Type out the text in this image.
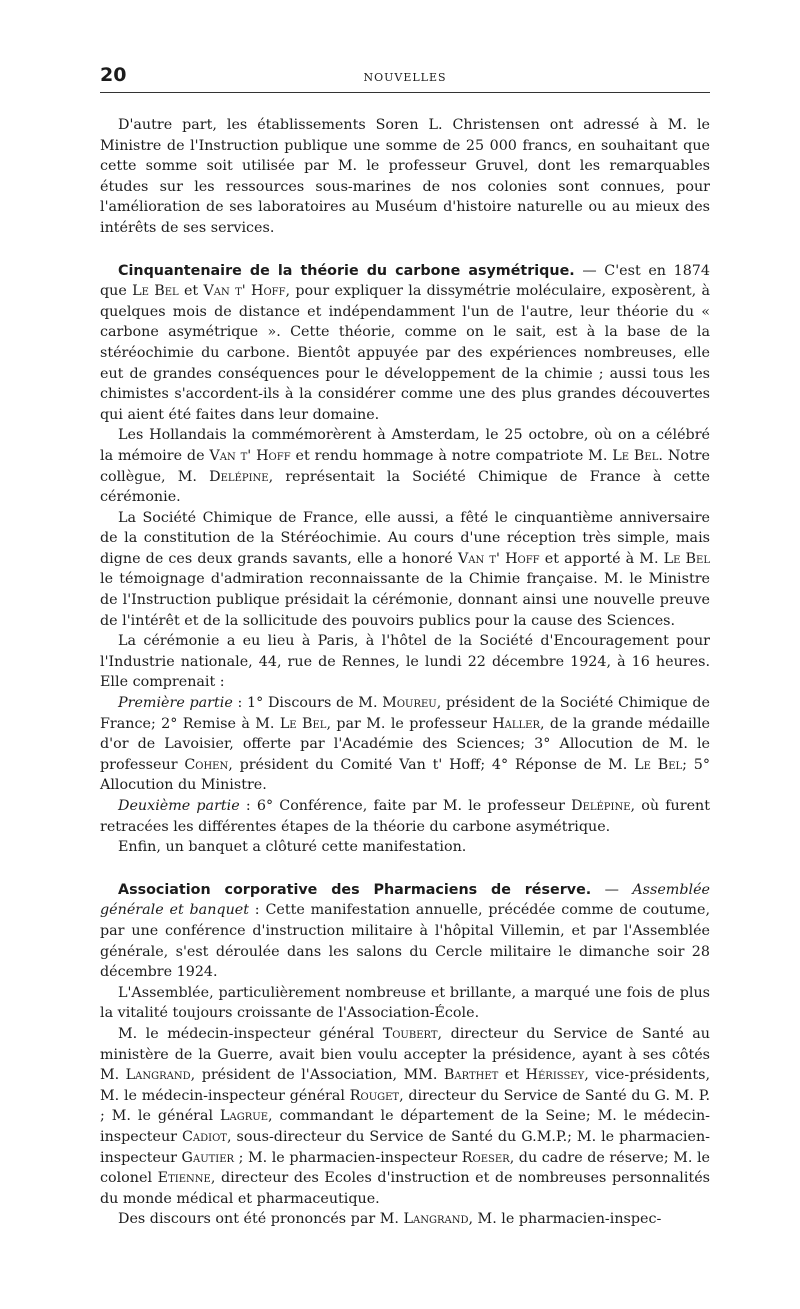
20	NOUVELLES

D'autre part, les établissements Soren L. Christensen ont adressé à M. le Ministre de l'Instruction publique une somme de 25 000 francs, en souhaitant que cette somme soit utilisée par M. le professeur Gruvel, dont les remarquables études sur les ressources sous-marines de nos colonies sont connues, pour l'amélioration de ses laboratoires au Muséum d'histoire naturelle ou au mieux des intérêts de ses services.

Cinquantenaire de la théorie du carbone asymétrique. — C'est en 1874 que Le Bel et Van t' Hoff, pour expliquer la dissymétrie moléculaire, exposèrent, à quelques mois de distance et indépendamment l'un de l'autre, leur théorie du « carbone asymétrique ». Cette théorie, comme on le sait, est à la base de la stéréochimie du carbone. Bientôt appuyée par des expériences nombreuses, elle eut de grandes conséquences pour le développement de la chimie ; aussi tous les chimistes s'accordent-ils à la considérer comme une des plus grandes découvertes qui aient été faites dans leur domaine.

Les Hollandais la commémorèrent à Amsterdam, le 25 octobre, où on a célébré la mémoire de Van t' Hoff et rendu hommage à notre compatriote M. Le Bel. Notre collègue, M. Delépine, représentait la Société Chimique de France à cette cérémonie.

La Société Chimique de France, elle aussi, a fêté le cinquantième anniversaire de la constitution de la Stéréochimie. Au cours d'une réception très simple, mais digne de ces deux grands savants, elle a honoré Van t' Hoff et apporté à M. Le Bel le témoignage d'admiration reconnaissante de la Chimie française. M. le Ministre de l'Instruction publique présidait la cérémonie, donnant ainsi une nouvelle preuve de l'intérêt et de la sollicitude des pouvoirs publics pour la cause des Sciences.

La cérémonie a eu lieu à Paris, à l'hôtel de la Société d'Encouragement pour l'Industrie nationale, 44, rue de Rennes, le lundi 22 décembre 1924, à 16 heures. Elle comprenait :

Première partie : 1° Discours de M. Moureu, président de la Société Chimique de France; 2° Remise à M. Le Bel, par M. le professeur Haller, de la grande médaille d'or de Lavoisier, offerte par l'Académie des Sciences; 3° Allocution de M. le professeur Cohen, président du Comité Van t' Hoff; 4° Réponse de M. Le Bel; 5° Allocution du Ministre.

Deuxième partie : 6° Conférence, faite par M. le professeur Delépine, où furent retracées les différentes étapes de la théorie du carbone asymétrique.

Enfin, un banquet a clôturé cette manifestation.

Association corporative des Pharmaciens de réserve. — Assemblée générale et banquet : Cette manifestation annuelle, précédée comme de coutume, par une conférence d'instruction militaire à l'hôpital Villemin, et par l'Assemblée générale, s'est déroulée dans les salons du Cercle militaire le dimanche soir 28 décembre 1924.

L'Assemblée, particulièrement nombreuse et brillante, a marqué une fois de plus la vitalité toujours croissante de l'Association-École.

M. le médecin-inspecteur général Toubert, directeur du Service de Santé au ministère de la Guerre, avait bien voulu accepter la présidence, ayant à ses côtés M. Langrand, président de l'Association, MM. Barthet et Hérissey, vice-présidents, M. le médecin-inspecteur général Rouget, directeur du Service de Santé du G. M. P. ; M. le général Lagrue, commandant le département de la Seine; M. le médecin-inspecteur Cadiot, sous-directeur du Service de Santé du G.M.P.; M. le pharmacien-inspecteur Gautier ; M. le pharmacien-inspecteur Roeser, du cadre de réserve; M. le colonel Etienne, directeur des Ecoles d'instruction et de nombreuses personnalités du monde médical et pharmaceutique.

Des discours ont été prononcés par M. Langrand, M. le pharmacien-inspec-
